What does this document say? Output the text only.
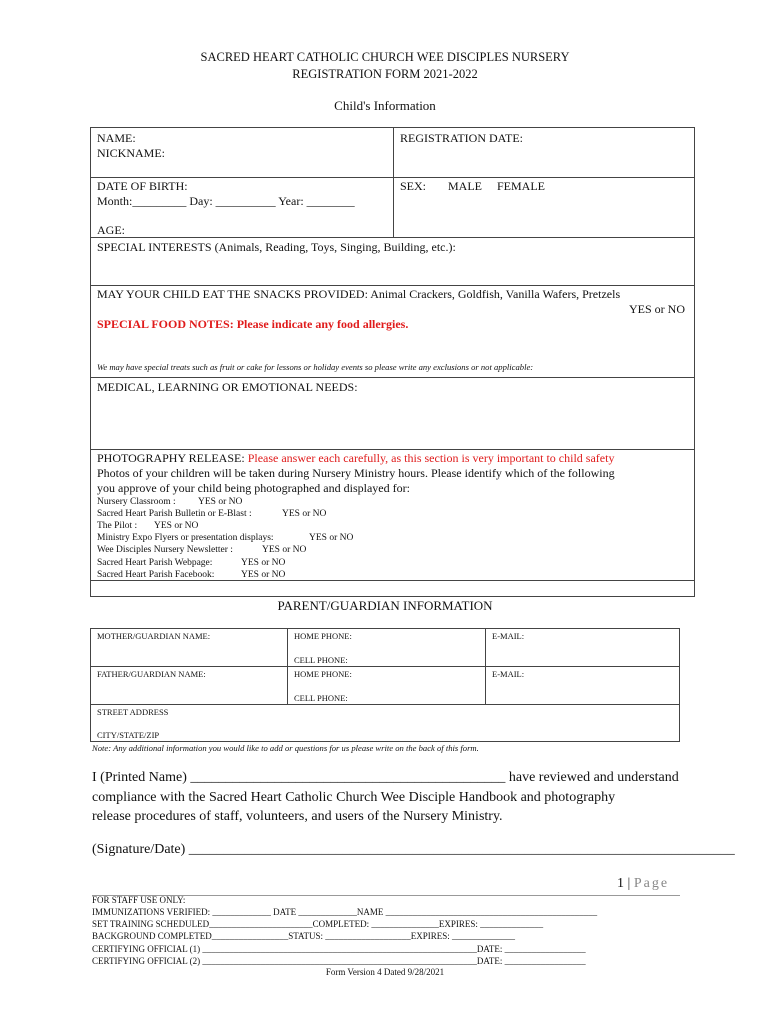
SACRED HEART CATHOLIC CHURCH WEE DISCIPLES NURSERY
REGISTRATION FORM 2021-2022
Child's Information
NAME:
NICKNAME:
REGISTRATION DATE:
DATE OF BIRTH:
Month:_________ Day: __________ Year: ________
SEX: MALE FEMALE
AGE:
SPECIAL INTERESTS (Animals, Reading, Toys, Singing, Building, etc.):
MAY YOUR CHILD EAT THE SNACKS PROVIDED: Animal Crackers, Goldfish, Vanilla Wafers, Pretzels
YES or NO
SPECIAL FOOD NOTES: Please indicate any food allergies.
We may have special treats such as fruit or cake for lessons or holiday events so please write any exclusions or not applicable:
MEDICAL, LEARNING OR EMOTIONAL NEEDS:
PHOTOGRAPHY RELEASE: Please answer each carefully, as this section is very important to child safety
Photos of your children will be taken during Nursery Ministry hours. Please identify which of the following
you approve of your child being photographed and displayed for:
Nursery Classroom : YES or NO
Sacred Heart Parish Bulletin or E-Blast :	YES or NO
The Pilot : YES or NO
Ministry Expo Flyers or presentation displays:	YES or NO
Wee Disciples Nursery Newsletter :	YES or NO
Sacred Heart Parish Webpage:	YES or NO
Sacred Heart Parish Facebook:	YES or NO
PARENT/GUARDIAN INFORMATION
MOTHER/GUARDIAN NAME:	HOME PHONE:
CELL PHONE:
E-MAIL:
FATHER/GUARDIAN NAME:	HOME PHONE:
CELL PHONE:
E-MAIL:
STREET ADDRESS
CITY/STATE/ZIP
Note: Any additional information you would like to add or questions for us please write on the back of this form.
I (Printed Name) _____________________________________________ have reviewed and understand
compliance with the Sacred Heart Catholic Church Wee Disciple Handbook and photography
release procedures of staff, volunteers, and users of the Nursery Ministry.
(Signature/Date) ______________________________________________________________________________
1 | Page
FOR STAFF USE ONLY:
IMMUNIZATIONS VERIFIED: _____________ DATE _____________NAME _______________________________________________
SET TRAINING SCHEDULED_______________________COMPLETED: _______________EXPIRES: ______________
BACKGROUND COMPLETED_________________STATUS: ___________________EXPIRES: ______________
CERTIFYING OFFICIAL (1) _____________________________________________________________DATE: __________________
CERTIFYING OFFICIAL (2) _____________________________________________________________DATE: __________________
Form Version 4 Dated 9/28/2021
